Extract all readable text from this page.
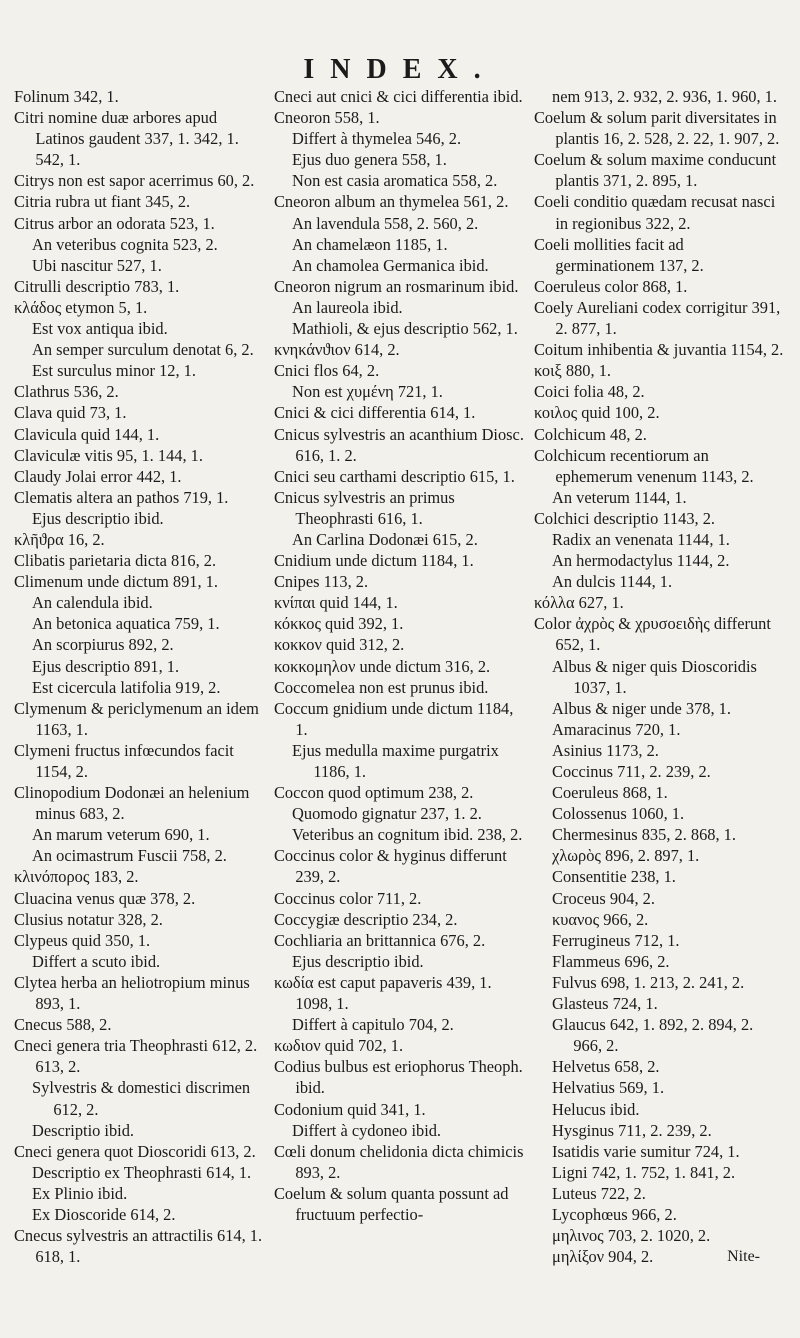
INDEX.
Folinum 342, 1.
Citri nomine duæ arbores apud Latinos gaudent 337, 1. 342, 1. 542, 1.
Citrys non est sapor acerrimus 60, 2.
Citria rubra ut fiant 345, 2.
Citrus arbor an odorata 523, 1.
An veteribus cognita 523, 2.
Ubi nascitur 527, 1.
Citrulli descriptio 783, 1.
κλάδος etymon 5, 1.
Est vox antiqua ibid.
An semper surculum denotat 6, 2.
Est surculus minor 12, 1.
Clathrus 536, 2.
Clava quid 73, 1.
Clavicula quid 144, 1.
Claviculæ vitis 95, 1. 144, 1.
Claudy Jolai error 442, 1.
Clematis altera an pathos 719, 1.
Ejus descriptio ibid.
κλῆϑρα 16, 2.
Clibatis parietaria dicta 816, 2.
Climenum unde dictum 891, 1.
An calendula ibid.
An betonica aquatica 759, 1.
An scorpiurus 892, 2.
Ejus descriptio 891, 1.
Est cicercula latifolia 919, 2.
Clymenum & periclymenum an idem 1163, 1.
Clymeni fructus infœcundos facit 1154, 2.
Clinopodium Dodonæi an helenium minus 683, 2.
An marum veterum 690, 1.
An ocimastrum Fuscii 758, 2.
κλινόπορος 183, 2.
Cluacina venus quæ 378, 2.
Clusius notatur 328, 2.
Clypeus quid 350, 1.
Differt a scuto ibid.
Clytea herba an heliotropium minus 893, 1.
Cnecus 588, 2.
Cneci genera tria Theophrasti 612, 2. 613, 2.
Sylvestris & domestici discrimen 612, 2.
Descriptio ibid.
Cneci genera quot Dioscoridi 613, 2.
Descriptio ex Theophrasti 614, 1.
Ex Plinio ibid.
Ex Dioscoride 614, 2.
Cnecus sylvestris an attractilis 614, 1. 618, 1.
Cneci aut cnici & cici differentia ibid.
Cneoron 558, 1.
Differt à thymelea 546, 2.
Ejus duo genera 558, 1.
Non est casia aromatica 558, 2.
Cneoron album an thymelea 561, 2.
An lavendula 558, 2. 560, 2.
An chamelæon 1185, 1.
An chamolea Germanica ibid.
Cneoron nigrum an rosmarinum ibid.
An laureola ibid.
Mathioli, & ejus descriptio 562, 1.
κνηκάνϑιον 614, 2.
Cnici flos 64, 2.
Non est χυμένη 721, 1.
Cnici & cici differentia 614, 1.
Cnicus sylvestris an acanthium Diosc. 616, 1. 2.
Cnici seu carthami descriptio 615, 1.
Cnicus sylvestris an primus Theophrasti 616, 1.
An Carlina Dodonæi 615, 2.
Cnidium unde dictum 1184, 1.
Cnipes 113, 2.
κνίπαι quid 144, 1.
κόκκος quid 392, 1.
κοκκον quid 312, 2.
κοκκομηλον unde dictum 316, 2.
Coccomelea non est prunus ibid.
Coccum gnidium unde dictum 1184, 1.
Ejus medulla maxime purgatrix 1186, 1.
Coccon quod optimum 238, 2.
Quomodo gignatur 237, 1. 2.
Veteribus an cognitum ibid. 238, 2.
Coccinus color & hyginus differunt 239, 2.
Coccinus color 711, 2.
Coccygiæ descriptio 234, 2.
Cochliaria an brittannica 676, 2.
Ejus descriptio ibid.
κωδία est caput papaveris 439, 1. 1098, 1.
Differt à capitulo 704, 2.
κωδιον quid 702, 1.
Codius bulbus est eriophorus Theoph. ibid.
Codonium quid 341, 1.
Differt à cydoneo ibid.
Cœli donum chelidonia dicta chimicis 893, 2.
Coelum & solum quanta possunt ad fructuum perfectio-
nem 913, 2. 932, 2. 936, 1. 960, 1.
Coelum & solum parit diversitates in plantis 16, 2. 528, 2. 22, 1. 907, 2.
Coelum & solum maxime conducunt plantis 371, 2. 895, 1.
Coeli conditio quædam recusat nasci in regionibus 322, 2.
Coeli mollities facit ad germinationem 137, 2.
Coeruleus color 868, 1.
Coely Aureliani codex corrigitur 391, 2. 877, 1.
Coitum inhibentia & juvantia 1154, 2.
κοιξ 880, 1.
Coici folia 48, 2.
κοιλος quid 100, 2.
Colchicum 48, 2.
Colchicum recentiorum an ephemerum venenum 1143, 2.
An veterum 1144, 1.
Colchici descriptio 1143, 2.
Radix an venenata 1144, 1.
An hermodactylus 1144, 2.
An dulcis 1144, 1.
κόλλα 627, 1.
Color ἀχρὸς & χρυσοειδὴς differunt 652, 1.
Albus & niger quis Dioscoridis 1037, 1.
Albus & niger unde 378, 1.
Amaracinus 720, 1.
Asinius 1173, 2.
Coccinus 711, 2. 239, 2.
Coeruleus 868, 1.
Colossenus 1060, 1.
Chermesinus 835, 2. 868, 1.
χλωρὸς 896, 2. 897, 1.
Consentitie 238, 1.
Croceus 904, 2.
κυανος 966, 2.
Ferrugineus 712, 1.
Flammeus 696, 2.
Fulvus 698, 1. 213, 2. 241, 2.
Glasteus 724, 1.
Glaucus 642, 1. 892, 2. 894, 2. 966, 2.
Helvetus 658, 2.
Helvatius 569, 1.
Helucus ibid.
Hysginus 711, 2. 239, 2.
Isatidis varie sumitur 724, 1.
Ligni 742, 1. 752, 1. 841, 2.
Luteus 722, 2.
Lycophœus 966, 2.
μηλινος 703, 2. 1020, 2.
μηλίξον 904, 2.	Nite-
